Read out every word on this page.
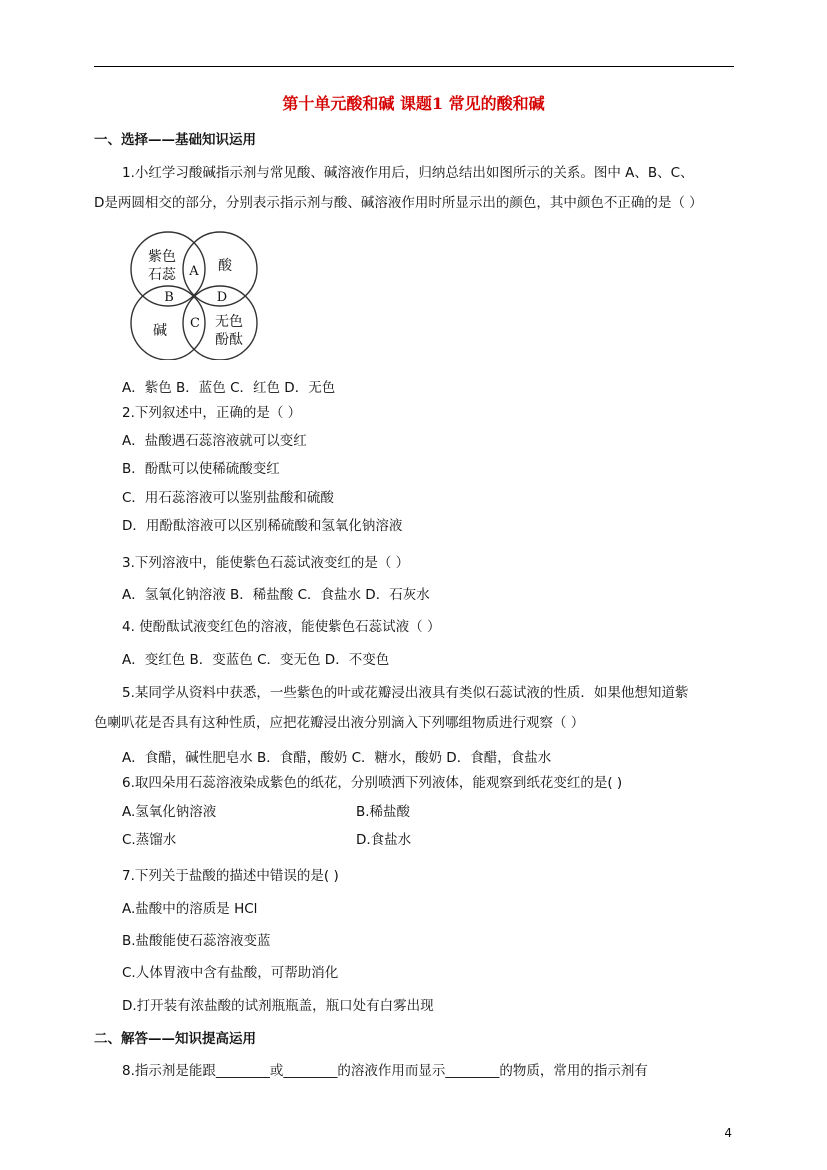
第十单元酸和碱 课题1 常见的酸和碱
一、选择——基础知识运用
1.小红学习酸碱指示剂与常见酸、碱溶液作用后，归纳总结出如图所示的关系。图中 A、B、C、
D是两圆相交的部分，分别表示指示剂与酸、碱溶液作用时所显示出的颜色，其中颜色不正确的是（ ）
紫色
石蕊
酸
碱
无色
酚酞
A
B
C
D
A．紫色 B．蓝色 C．红色 D．无色
2.下列叙述中，正确的是（ ）
A．盐酸遇石蕊溶液就可以变红
B．酚酞可以使稀硫酸变红
C．用石蕊溶液可以鉴别盐酸和硫酸
D．用酚酞溶液可以区别稀硫酸和氢氧化钠溶液
3.下列溶液中，能使紫色石蕊试液变红的是（ ）
A．氢氧化钠溶液 B．稀盐酸 C．食盐水 D．石灰水
4. 使酚酞试液变红色的溶液，能使紫色石蕊试液（ ）
A．变红色 B．变蓝色 C．变无色 D．不变色
5.某同学从资料中获悉，一些紫色的叶或花瓣浸出液具有类似石蕊试液的性质．如果他想知道紫
色喇叭花是否具有这种性质，应把花瓣浸出液分别滴入下列哪组物质进行观察（ ）
A．食醋，碱性肥皂水 B．食醋，酸奶 C．糖水，酸奶 D．食醋，食盐水
6.取四朵用石蕊溶液染成紫色的纸花，分别喷洒下列液体，能观察到纸花变红的是( )
A.氢氧化钠溶液	B.稀盐酸
C.蒸馏水	D.食盐水
7.下列关于盐酸的描述中错误的是( )
A.盐酸中的溶质是 HCl
B.盐酸能使石蕊溶液变蓝
C.人体胃液中含有盐酸，可帮助消化
D.打开装有浓盐酸的试剂瓶瓶盖，瓶口处有白雾出现
二、解答——知识提高运用
8.指示剂是能跟________或________的溶液作用而显示________的物质，常用的指示剂有
4
